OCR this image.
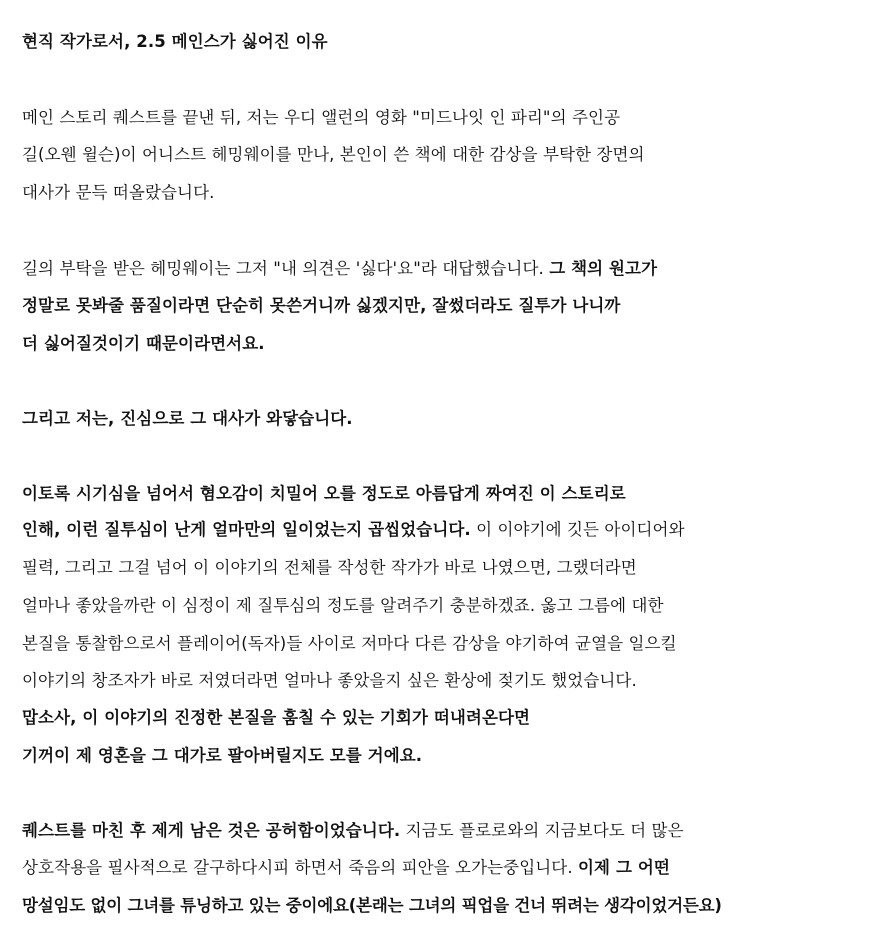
현직 작가로서, 2.5 메인스가 싫어진 이유
메인 스토리 퀘스트를 끝낸 뒤, 저는 우디 앨런의 영화 "미드나잇 인 파리"의 주인공
길(오웬 윌슨)이 어니스트 헤밍웨이를 만나, 본인이 쓴 책에 대한 감상을 부탁한 장면의
대사가 문득 떠올랐습니다.
길의 부탁을 받은 헤밍웨이는 그저 "내 의견은 '싫다'요"라 대답했습니다. 그 책의 원고가
정말로 못봐줄 품질이라면 단순히 못쓴거니까 싫겠지만, 잘썼더라도 질투가 나니까
더 싫어질것이기 때문이라면서요.
그리고 저는, 진심으로 그 대사가 와닿습니다.
이토록 시기심을 넘어서 혐오감이 치밀어 오를 정도로 아름답게 짜여진 이 스토리로
인해, 이런 질투심이 난게 얼마만의 일이었는지 곱씹었습니다. 이 이야기에 깃든 아이디어와
필력, 그리고 그걸 넘어 이 이야기의 전체를 작성한 작가가 바로 나였으면, 그랬더라면
얼마나 좋았을까란 이 심정이 제 질투심의 정도를 알려주기 충분하겠죠. 옳고 그름에 대한
본질을 통찰함으로서 플레이어(독자)들 사이로 저마다 다른 감상을 야기하여 균열을 일으킬
이야기의 창조자가 바로 저였더라면 얼마나 좋았을지 싶은 환상에 젖기도 했었습니다.
맙소사, 이 이야기의 진정한 본질을 훔칠 수 있는 기회가 떠내려온다면
기꺼이 제 영혼을 그 대가로 팔아버릴지도 모를 거에요.
퀘스트를 마친 후 제게 남은 것은 공허함이었습니다. 지금도 플로로와의 지금보다도 더 많은
상호작용을 필사적으로 갈구하다시피 하면서 죽음의 피안을 오가는중입니다. 이제 그 어떤
망설임도 없이 그녀를 튜닝하고 있는 중이에요(본래는 그녀의 픽업을 건너 뛰려는 생각이었거든요)
